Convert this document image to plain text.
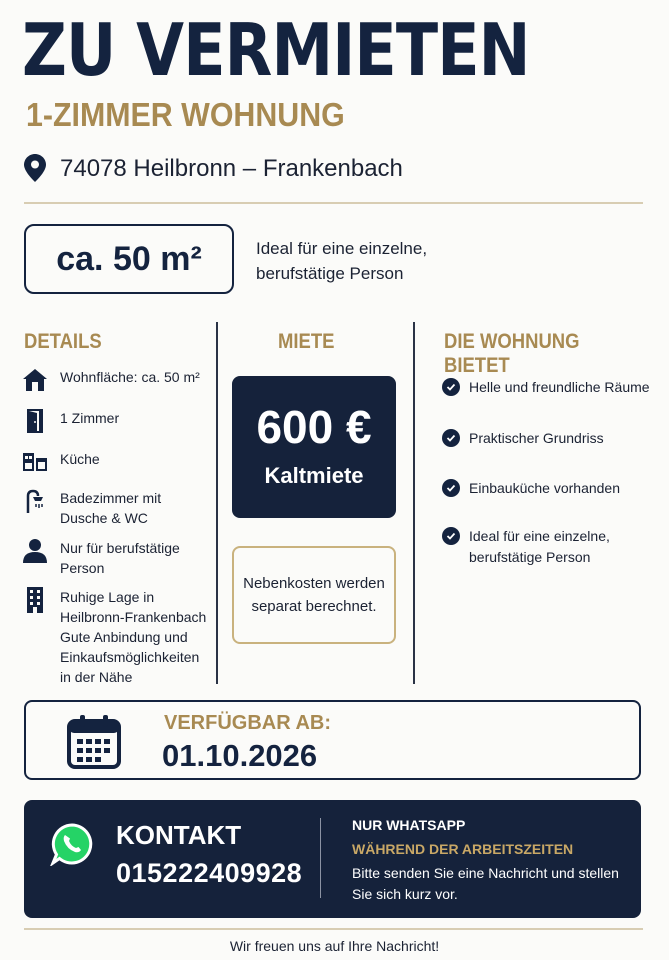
ZU VERMIETEN
1-ZIMMER WOHNUNG
74078 Heilbronn – Frankenbach
ca. 50 m²	Ideal für eine einzelne, berufstätige Person
DETAILS	MIETE	DIE WOHNUNG BIETET
Wohnfläche: ca. 50 m²
1 Zimmer
Küche
Badezimmer mit Dusche & WC
Nur für berufstätige Person
Ruhige Lage in Heilbronn-Frankenbach Gute Anbindung und Einkaufsmöglichkeiten in der Nähe
600 €
Kaltmiete
Nebenkosten werden separat berechnet.
Helle und freundliche Räume
Praktischer Grundriss
Einbauküche vorhanden
Ideal für eine einzelne, berufstätige Person
VERFÜGBAR AB:
01.10.2026
KONTAKT
015222409928
NUR WHATSAPP
WÄHREND DER ARBEITSZEITEN
Bitte senden Sie eine Nachricht und stellen Sie sich kurz vor.
Wir freuen uns auf Ihre Nachricht!
